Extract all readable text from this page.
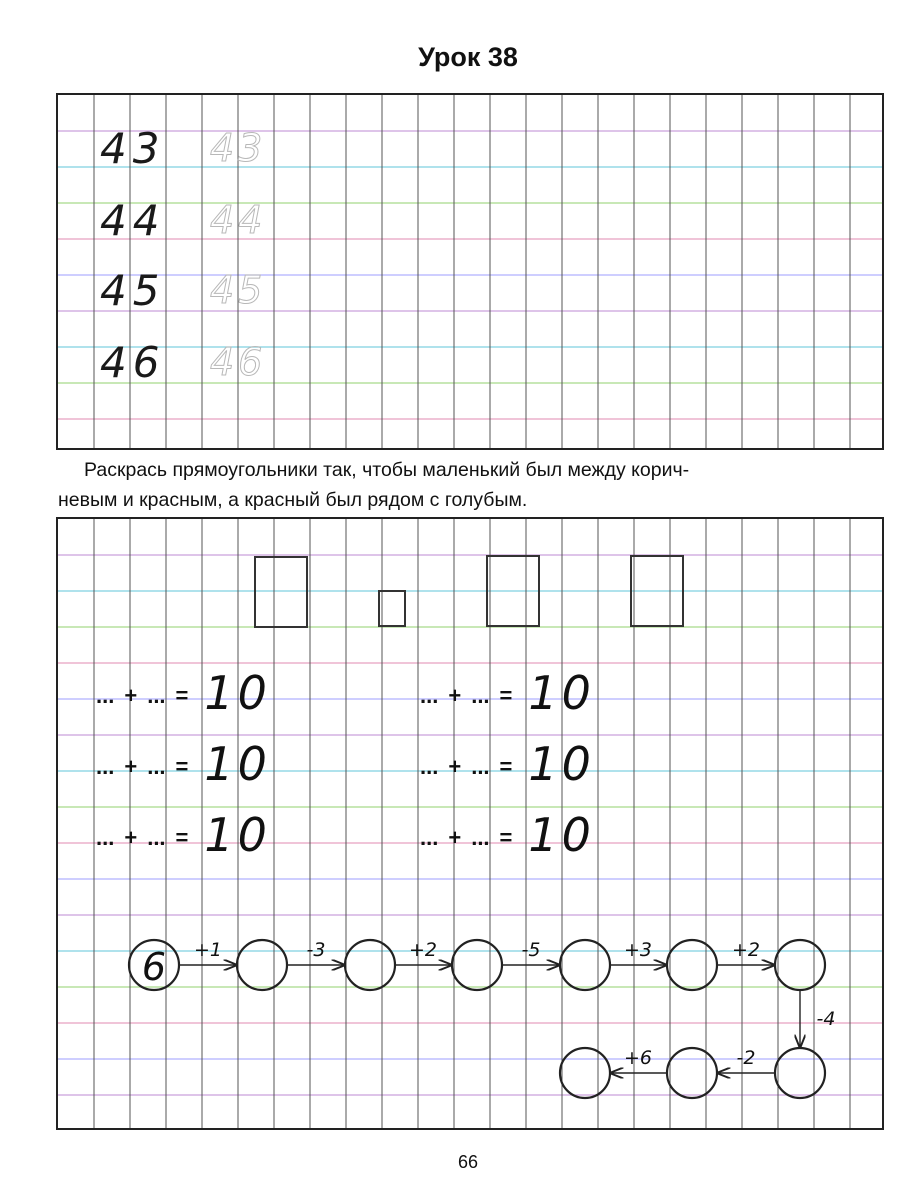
Урок 38
43 43
44 44
45 45
46 46
Раскрась прямоугольники так, чтобы маленький был между корич-
невым и красным, а красный был рядом с голубым.
... + ... = 10	... + ... = 10
... + ... = 10	... + ... = 10
... + ... = 10	... + ... = 10
6 +1	-3	+2	-5	+3	+2
-4
-2
+6
66
